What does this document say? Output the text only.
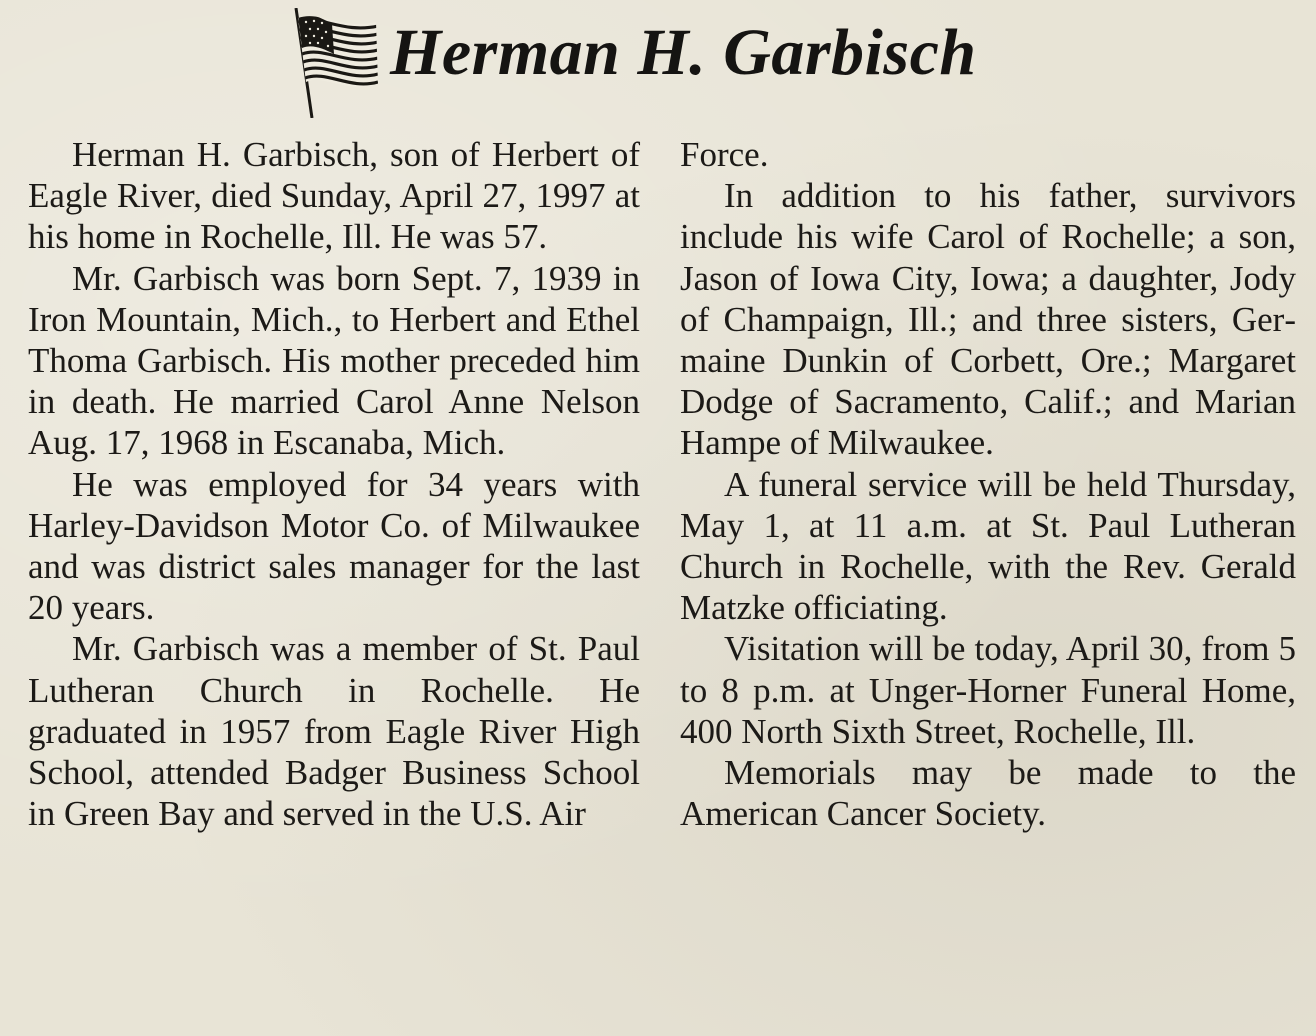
Herman H. Garbisch

Herman H. Garbisch, son of Herbert of Eagle River, died Sunday, April 27, 1997 at his home in Rochelle, Ill. He was 57.

Mr. Garbisch was born Sept. 7, 1939 in Iron Mountain, Mich., to Herbert and Ethel Thoma Garbisch. His mother preceded him in death. He married Carol Anne Nelson Aug. 17, 1968 in Escanaba, Mich.

He was employed for 34 years with Harley-Davidson Motor Co. of Milwaukee and was district sales manager for the last 20 years.

Mr. Garbisch was a member of St. Paul Lutheran Church in Rochelle. He graduated in 1957 from Eagle River High School, attended Badger Business School in Green Bay and served in the U.S. Air

Force.

In addition to his father, survivors include his wife Carol of Rochelle; a son, Jason of Iowa City, Iowa; a daughter, Jody of Champaign, Ill.; and three sisters, Germaine Dunkin of Corbett, Ore.; Margaret Dodge of Sacramento, Calif.; and Marian Hampe of Milwaukee.

A funeral service will be held Thursday, May 1, at 11 a.m. at St. Paul Lutheran Church in Rochelle, with the Rev. Gerald Matzke officiating.

Visitation will be today, April 30, from 5 to 8 p.m. at Unger-Horner Funeral Home, 400 North Sixth Street, Rochelle, Ill.

Memorials may be made to the American Cancer Society.
